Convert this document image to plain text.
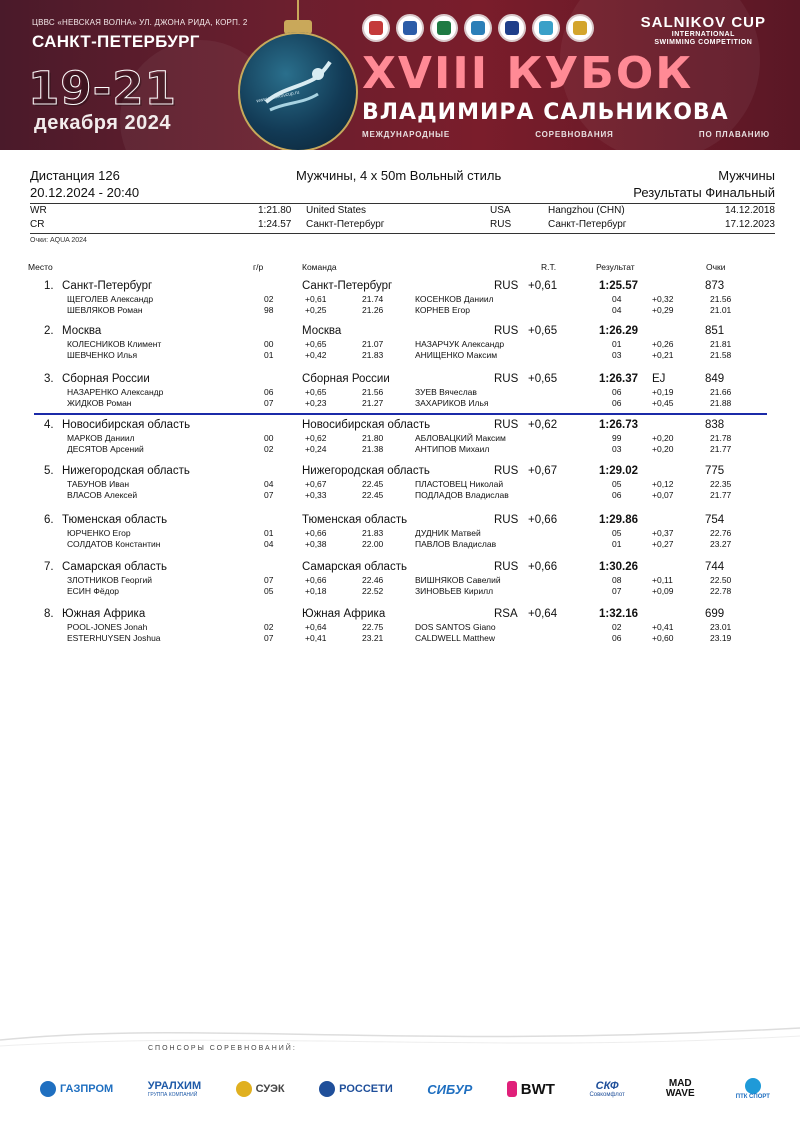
ЦВВС «НЕВСКАЯ ВОЛНА» УЛ. ДЖОНА РИДА, КОРП. 2
САНКТ-ПЕТЕРБУРГ
19-21
декабря 2024
www.salnikovcup.ru
SALNIKOV CUP
INTERNATIONAL
SWIMMING COMPETITION
XVIII КУБОК
ВЛАДИМИРА САЛЬНИКОВА
МЕЖДУНАРОДНЫЕ	СОРЕВНОВАНИЯ	ПО ПЛАВАНИЮ
Дистанция 126	Мужчины, 4 x 50m Вольный стиль	Мужчины
20.12.2024 - 20:40	Результаты Финальный
WR	1:21.80 United States	USA	Hangzhou (CHN)	14.12.2018
CR	1:24.57 Санкт-Петербург	RUS	Санкт-Петербург	17.12.2023
Очки: AQUA 2024
Место	г/р	Команда	R.T.	Результат	Очки
1. Санкт-Петербург	Санкт-Петербург	RUS +0,61	1:25.57	873
ЩЕГОЛЕВ Александр	02	+0,61	21.74
ШЕВЛЯКОВ Роман	98	+0,25	21.26
КОСЕНКОВ Даниил	04	+0,32	21.56
КОРНЕВ Егор	04	+0,29	21.01
2. Москва	Москва	RUS +0,65	1:26.29	851
КОЛЕСНИКОВ Климент	00	+0,65	21.07
ШЕВЧЕНКО Илья	01	+0,42	21.83
НАЗАРЧУК Александр	01	+0,26	21.81
АНИЩЕНКО Максим	03	+0,21	21.58
3. Сборная России	Сборная России	RUS +0,65	1:26.37 EJ	849
НАЗАРЕНКО Александр	06	+0,65	21.56
ЖИДКОВ Роман	07	+0,23	21.27
ЗУЕВ Вячеслав	06	+0,19	21.66
ЗАХАРИКОВ Илья	06	+0,45	21.88
4. Новосибирская область	Новосибирская область	RUS +0,62	1:26.73	838
МАРКОВ Даниил	00	+0,62	21.80
ДЕСЯТОВ Арсений	02	+0,24	21.38
АБЛОВАЦКИЙ Максим	99	+0,20	21.78
АНТИПОВ Михаил	03	+0,20	21.77
5. Нижегородская область	Нижегородская область	RUS +0,67	1:29.02	775
ТАБУНОВ Иван	04	+0,67	22.45
ВЛАСОВ Алексей	07	+0,33	22.45
ПЛАСТОВЕЦ Николай	05	+0,12	22.35
ПОДЛАДОВ Владислав	06	+0,07	21.77
6. Тюменская область	Тюменская область	RUS +0,66	1:29.86	754
ЮРЧЕНКО Егор	01	+0,66	21.83
СОЛДАТОВ Константин	04	+0,38	22.00
ДУДНИК Матвей	05	+0,37	22.76
ПАВЛОВ Владислав	01	+0,27	23.27
7. Самарская область	Самарская область	RUS +0,66	1:30.26	744
ЗЛОТНИКОВ Георгий	07	+0,66	22.46
ЕСИН Фёдор	05	+0,18	22.52
ВИШНЯКОВ Савелий	08	+0,11	22.50
ЗИНОВЬЕВ Кирилл	07	+0,09	22.78
8. Южная Африка	Южная Африка	RSA +0,64	1:32.16	699
POOL-JONES Jonah	02	+0,64	22.75
ESTERHUYSEN Joshua	07	+0,41	23.21
DOS SANTOS Giano	02	+0,41	23.01
CALDWELL Matthew	06	+0,60	23.19
СПОНСОРЫ СОРЕВНОВАНИЙ:
ГАЗПРОМ	УРАЛХИМ
ГРУППА КОМПАНИЙ	СУЭК	РОССЕТИ	СИБУР	BWT	СКФ
Совкомфлот
MAD WAVE	ПТК СПОРТ
